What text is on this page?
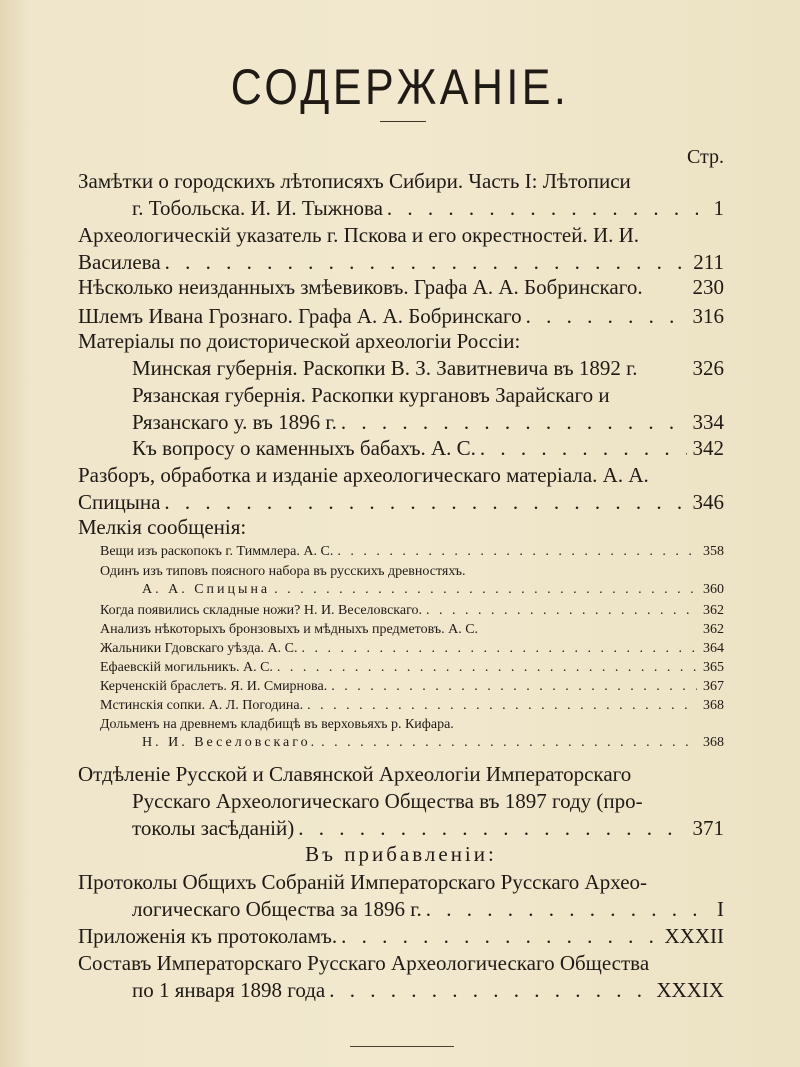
СОДЕРЖАНІЕ.
Стр.
Замѣтки о городскихъ лѣтописяхъ Сибири. Часть I: Лѣтописи
г. Тобольска. И. И. Тыжнова . . .	1
Археологическій указатель г. Пскова и его окрестностей. И. И.
Василева . . .	211
Нѣсколько неизданныхъ змѣевиковъ. Графа А. А. Бобринскаго. 230
Шлемъ Ивана Грознаго. Графа А. А. Бобринскаго . . .	316
Матеріалы по доисторической археологіи Россіи:
Минская губернія. Раскопки В. З. Завитневича въ 1892 г.	326
Рязанская губернія. Раскопки кургановъ Зарайскаго и
Рязанскаго у. въ 1896 г. . . .	334
Къ вопросу о каменныхъ бабахъ. А. С. . . .	342
Разборъ, обработка и изданіе археологическаго матеріала. А. А.
Спицына . . .	346
Мелкія сообщенія:
Вещи изъ раскопокъ г. Тиммлера. А. С. . . .	358
Одинъ изъ типовъ поясного набора въ русскихъ древностяхъ.
А. А. Спицына . . .	360
Когда появились складные ножи? Н. И. Веселовскаго. . . .	362
Анализъ нѣкоторыхъ бронзовыхъ и мѣдныхъ предметовъ. А. С.	362
Жальники Гдовскаго уѣзда. А. С. . . .	364
Ефаевскій могильникъ. А. С. . . .	365
Керченскій браслетъ. Я. И. Смирнова. . . .	367
Мстинскія сопки. А. Л. Погодина. . . .	368
Дольменъ на древнемъ кладбищѣ въ верховьяхъ р. Кифара.
Н. И. Веселовскаго. . . .	368
Отдѣленіе Русской и Славянской Археологіи Императорскаго
Русскаго Археологическаго Общества въ 1897 году (про-
токолы засѣданій) . . .	371
Въ прибавленіи:
Протоколы Общихъ Собраній Императорскаго Русскаго Архео-
логическаго Общества за 1896 г. . . .	I
Приложенія къ протоколамъ. . . .	XXXII
Составъ Императорскаго Русскаго Археологическаго Общества
по 1 января 1898 года . . .	XXXIX
